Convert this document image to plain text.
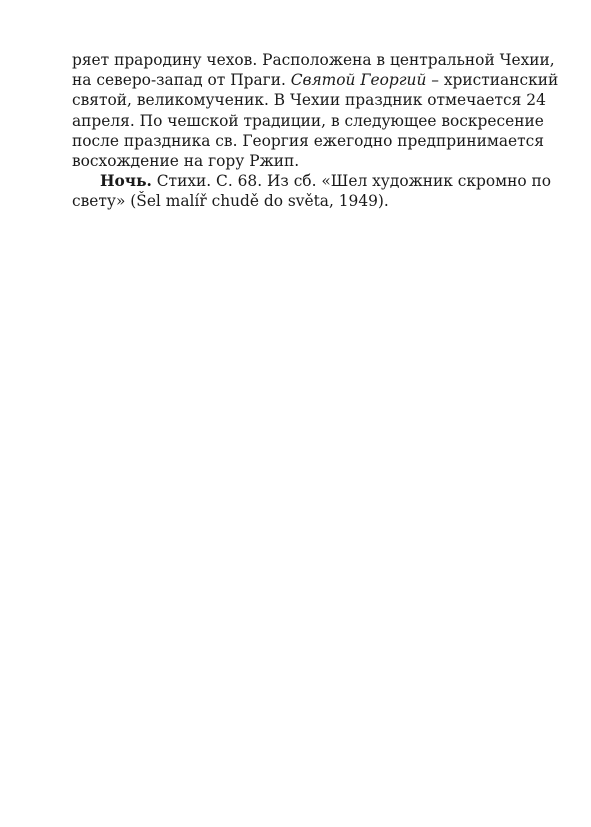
ряет прародину чехов. Расположена в центральной Чехии,
на северо-запад от Праги. Святой Георгий – христианский
святой, великомученик. В Чехии праздник отмечается 24
апреля. По чешской традиции, в следующее воскресение
после праздника св. Георгия ежегодно предпринимается
восхождение на гору Ржип.
Ночь. Стихи. С. 68. Из сб. «Шел художник скромно по
свету» (Šel malíř chudě do světa, 1949).
